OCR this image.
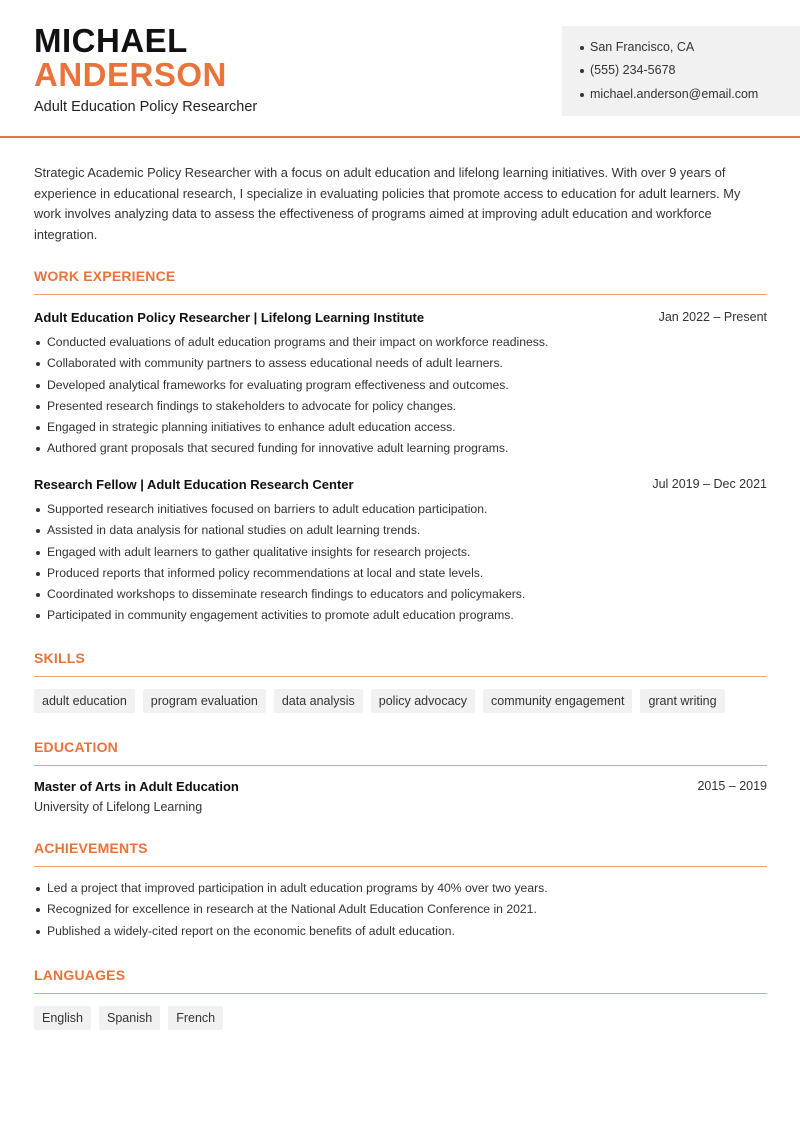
MICHAEL
ANDERSON
Adult Education Policy Researcher
San Francisco, CA
(555) 234-5678
michael.anderson@email.com
Strategic Academic Policy Researcher with a focus on adult education and lifelong learning initiatives. With over 9 years of experience in educational research, I specialize in evaluating policies that promote access to education for adult learners. My work involves analyzing data to assess the effectiveness of programs aimed at improving adult education and workforce integration.
WORK EXPERIENCE
Adult Education Policy Researcher | Lifelong Learning Institute	Jan 2022 – Present
Conducted evaluations of adult education programs and their impact on workforce readiness.
Collaborated with community partners to assess educational needs of adult learners.
Developed analytical frameworks for evaluating program effectiveness and outcomes.
Presented research findings to stakeholders to advocate for policy changes.
Engaged in strategic planning initiatives to enhance adult education access.
Authored grant proposals that secured funding for innovative adult learning programs.
Research Fellow | Adult Education Research Center	Jul 2019 – Dec 2021
Supported research initiatives focused on barriers to adult education participation.
Assisted in data analysis for national studies on adult learning trends.
Engaged with adult learners to gather qualitative insights for research projects.
Produced reports that informed policy recommendations at local and state levels.
Coordinated workshops to disseminate research findings to educators and policymakers.
Participated in community engagement activities to promote adult education programs.
SKILLS
adult education	program evaluation	data analysis	policy advocacy	community engagement	grant writing
EDUCATION
Master of Arts in Adult Education	2015 – 2019
University of Lifelong Learning
ACHIEVEMENTS
Led a project that improved participation in adult education programs by 40% over two years.
Recognized for excellence in research at the National Adult Education Conference in 2021.
Published a widely-cited report on the economic benefits of adult education.
LANGUAGES
English	Spanish	French
